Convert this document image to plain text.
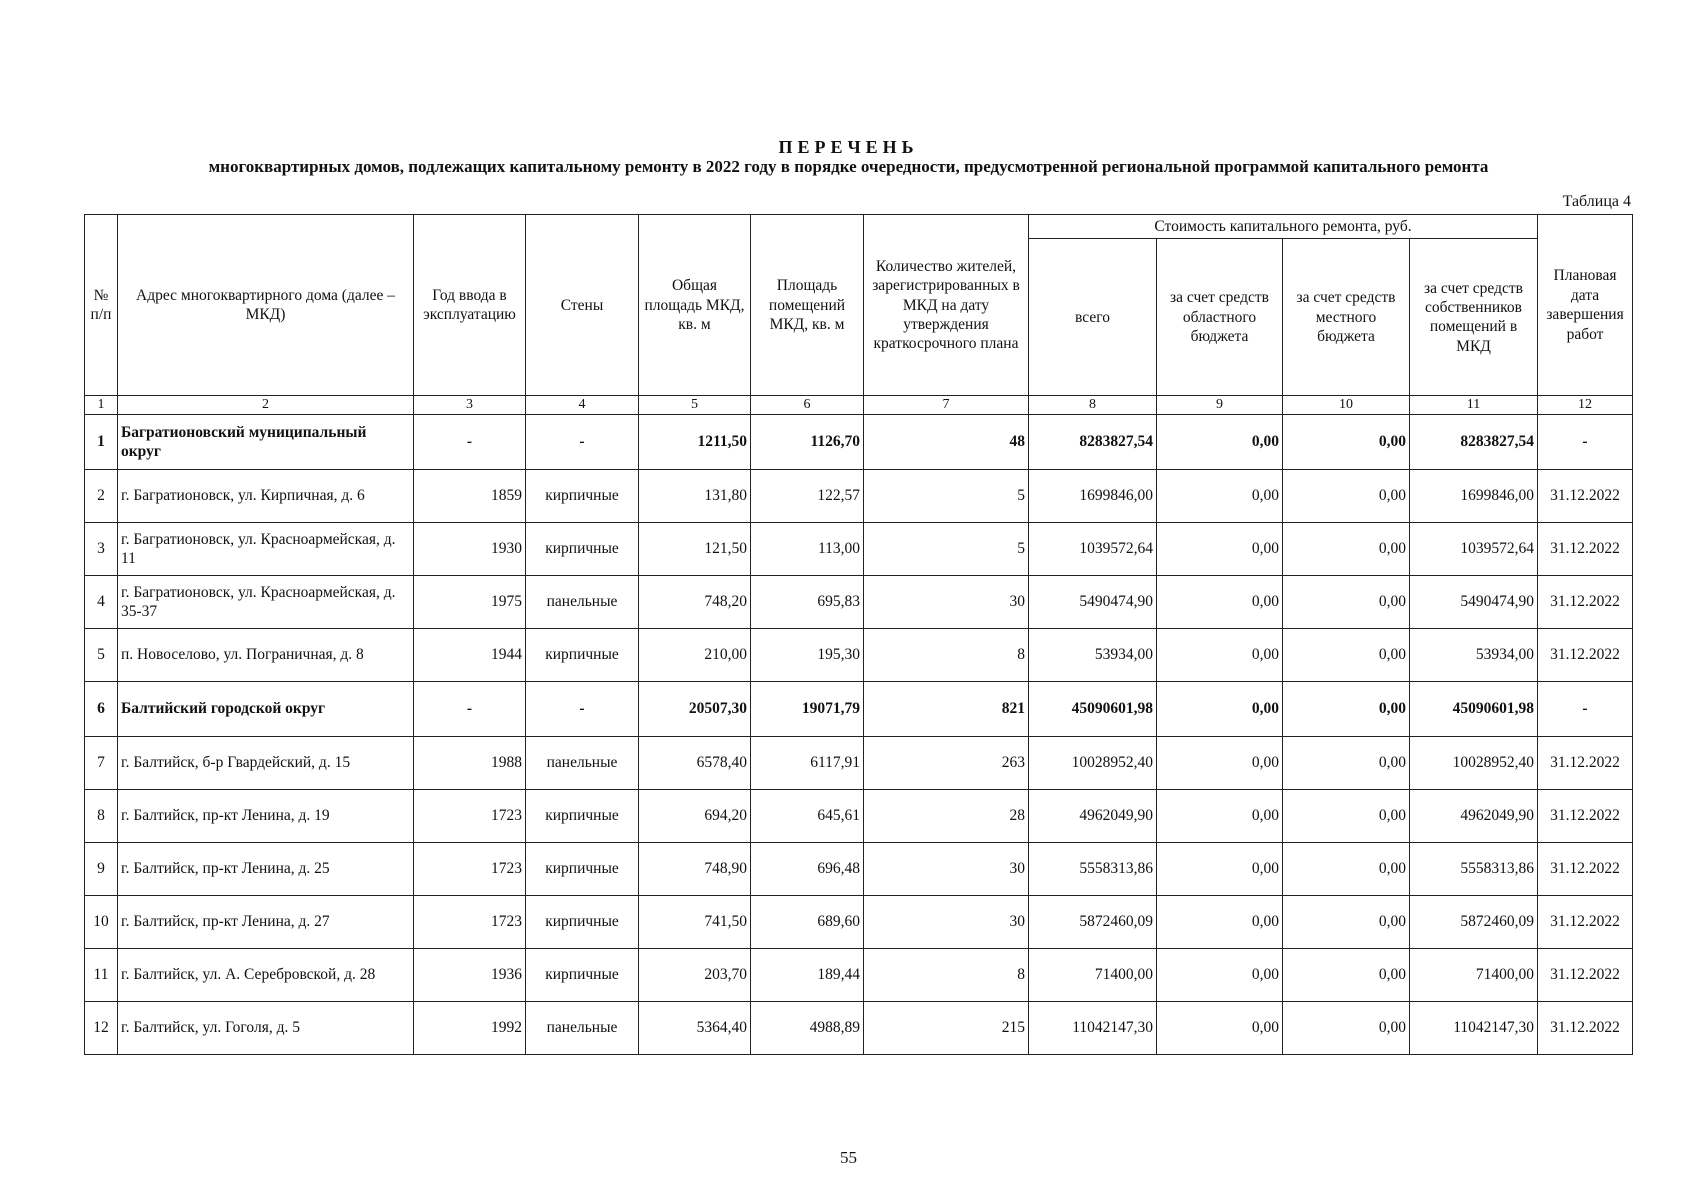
ПЕРЕЧЕНЬ
многоквартирных домов, подлежащих капитальному ремонту в 2022 году в порядке очередности, предусмотренной региональной программой капитального ремонта
Таблица 4
№ п/п	Адрес многоквартирного дома (далее – МКД)	Год ввода в эксплуатацию	Стены	Общая площадь МКД, кв. м	Площадь помещений МКД, кв. м	Количество жителей, зарегистрированных в МКД на дату утверждения краткосрочного плана	Стоимость капитального ремонта, руб.				Плановая дата завершения работ
							всего	за счет средств областного бюджета	за счет средств местного бюджета	за счет средств собственников помещений в МКД	
1	2	3	4	5	6	7	8	9	10	11	12
1	Багратионовский муниципальный округ	-	-	1211,50	1126,70	48	8283827,54	0,00	0,00	8283827,54	-
2	г. Багратионовск, ул. Кирпичная, д. 6	1859	кирпичные	131,80	122,57	5	1699846,00	0,00	0,00	1699846,00	31.12.2022
3	г. Багратионовск, ул. Красноармейская, д. 11	1930	кирпичные	121,50	113,00	5	1039572,64	0,00	0,00	1039572,64	31.12.2022
4	г. Багратионовск, ул. Красноармейская, д. 35-37	1975	панельные	748,20	695,83	30	5490474,90	0,00	0,00	5490474,90	31.12.2022
5	п. Новоселово, ул. Пограничная, д. 8	1944	кирпичные	210,00	195,30	8	53934,00	0,00	0,00	53934,00	31.12.2022
6	Балтийский городской округ	-	-	20507,30	19071,79	821	45090601,98	0,00	0,00	45090601,98	-
7	г. Балтийск, б-р Гвардейский, д. 15	1988	панельные	6578,40	6117,91	263	10028952,40	0,00	0,00	10028952,40	31.12.2022
8	г. Балтийск, пр-кт Ленина, д. 19	1723	кирпичные	694,20	645,61	28	4962049,90	0,00	0,00	4962049,90	31.12.2022
9	г. Балтийск, пр-кт Ленина, д. 25	1723	кирпичные	748,90	696,48	30	5558313,86	0,00	0,00	5558313,86	31.12.2022
10	г. Балтийск, пр-кт Ленина, д. 27	1723	кирпичные	741,50	689,60	30	5872460,09	0,00	0,00	5872460,09	31.12.2022
11	г. Балтийск, ул. А. Серебровской, д. 28	1936	кирпичные	203,70	189,44	8	71400,00	0,00	0,00	71400,00	31.12.2022
12	г. Балтийск, ул. Гоголя, д. 5	1992	панельные	5364,40	4988,89	215	11042147,30	0,00	0,00	11042147,30	31.12.2022
55
